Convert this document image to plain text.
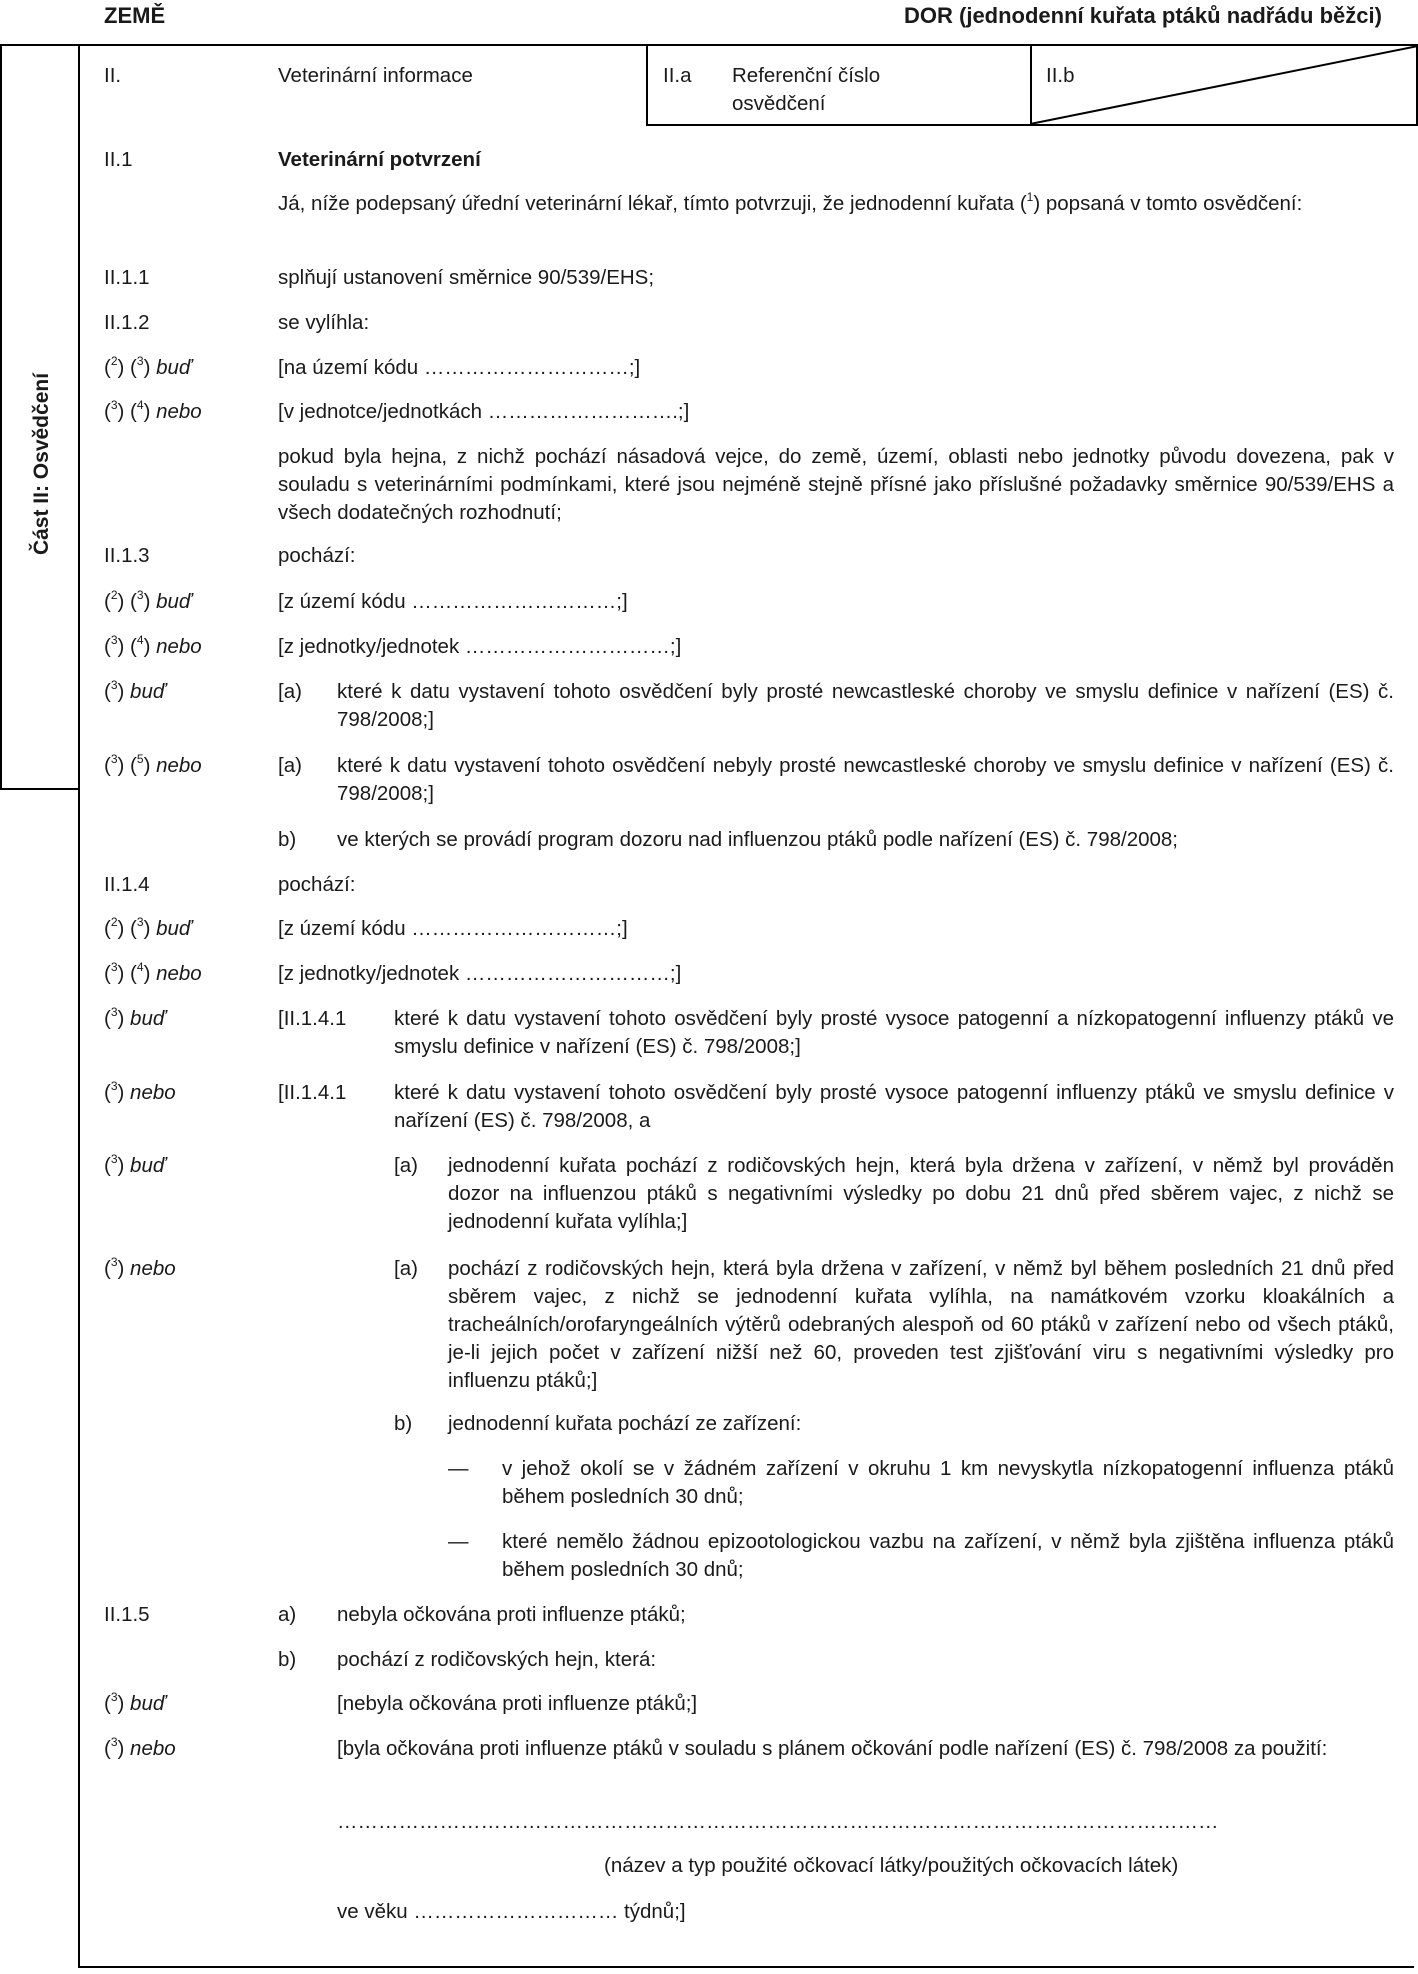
ZEMĚ	DOR (jednodenní kuřata ptáků nadřádu běžci)
Část II: Osvědčení
II.	Veterinární informace	II.a Referenční číslo osvědčení
II.b
II.1	Veterinární potvrzení
Já, níže podepsaný úřední veterinární lékař, tímto potvrzuji, že jednodenní kuřata ($^1$) popsaná v tomto osvědčení:
II.1.1	splňují ustanovení směrnice 90/539/EHS;
II.1.2	se vylíhla:
($^2$) ($^3$) buď	[na území kódu …………………………;]
($^3$) ($^4$) nebo	[v jednotce/jednotkách ……………………….;]
pokud byla hejna, z nichž pochází násadová vejce, do země, území, oblasti nebo jednotky původu dovezena, pak v souladu s veterinárními podmínkami, které jsou nejméně stejně přísné jako příslušné požadavky směrnice 90/539/EHS a všech dodatečných rozhodnutí;
II.1.3	pochází:
($^2$) ($^3$) buď	[z území kódu …………………………;]
($^3$) ($^4$) nebo	[z jednotky/jednotek …………………………;]
($^3$) buď	[a) které k datu vystavení tohoto osvědčení byly prosté newcastleské choroby ve smyslu definice v nařízení (ES) č. 798/2008;]
($^3$) ($^5$) nebo	[a) které k datu vystavení tohoto osvědčení nebyly prosté newcastleské choroby ve smyslu definice v nařízení (ES) č. 798/2008;]
b) ve kterých se provádí program dozoru nad influenzou ptáků podle nařízení (ES) č. 798/2008;
II.1.4	pochází:
($^2$) ($^3$) buď	[z území kódu …………………………;]
($^3$) ($^4$) nebo	[z jednotky/jednotek …………………………;]
($^3$) buď	[II.1.4.1 které k datu vystavení tohoto osvědčení byly prosté vysoce patogenní a nízkopatogenní influenzy ptáků ve smyslu definice v nařízení (ES) č. 798/2008;]
($^3$) nebo	[II.1.4.1 které k datu vystavení tohoto osvědčení byly prosté vysoce patogenní influenzy ptáků ve smyslu definice v nařízení (ES) č. 798/2008, a
($^3$) buď	[a) jednodenní kuřata pochází z rodičovských hejn, která byla držena v zařízení, v němž byl prováděn dozor na influenzou ptáků s negativními výsledky po dobu 21 dnů před sběrem vajec, z nichž se jednodenní kuřata vylíhla;]
($^3$) nebo	[a) pochází z rodičovských hejn, která byla držena v zařízení, v němž byl během posledních 21 dnů před sběrem vajec, z nichž se jednodenní kuřata vylíhla, na namátkovém vzorku kloakálních a tracheálních/orofaryngeálních výtěrů odebraných alespoň od 60 ptáků v zařízení nebo od všech ptáků, je-li jejich počet v zařízení nižší než 60, proveden test zjišťování viru s negativními výsledky pro influenzu ptáků;]
b) jednodenní kuřata pochází ze zařízení:
— v jehož okolí se v žádném zařízení v okruhu 1 km nevyskytla nízkopatogenní influenza ptáků během posledních 30 dnů;
— které nemělo žádnou epizootologickou vazbu na zařízení, v němž byla zjištěna influenza ptáků během posledních 30 dnů;
II.1.5	a) nebyla očkována proti influenze ptáků;
b) pochází z rodičovských hejn, která:
($^3$) buď	[nebyla očkována proti influenze ptáků;]
($^3$) nebo	[byla očkována proti influenze ptáků v souladu s plánem očkování podle nařízení (ES) č. 798/2008 za použití:
…………………………………………………………………………………………………………………
(název a typ použité očkovací látky/použitých očkovacích látek)
ve věku ………………………… týdnů;]
